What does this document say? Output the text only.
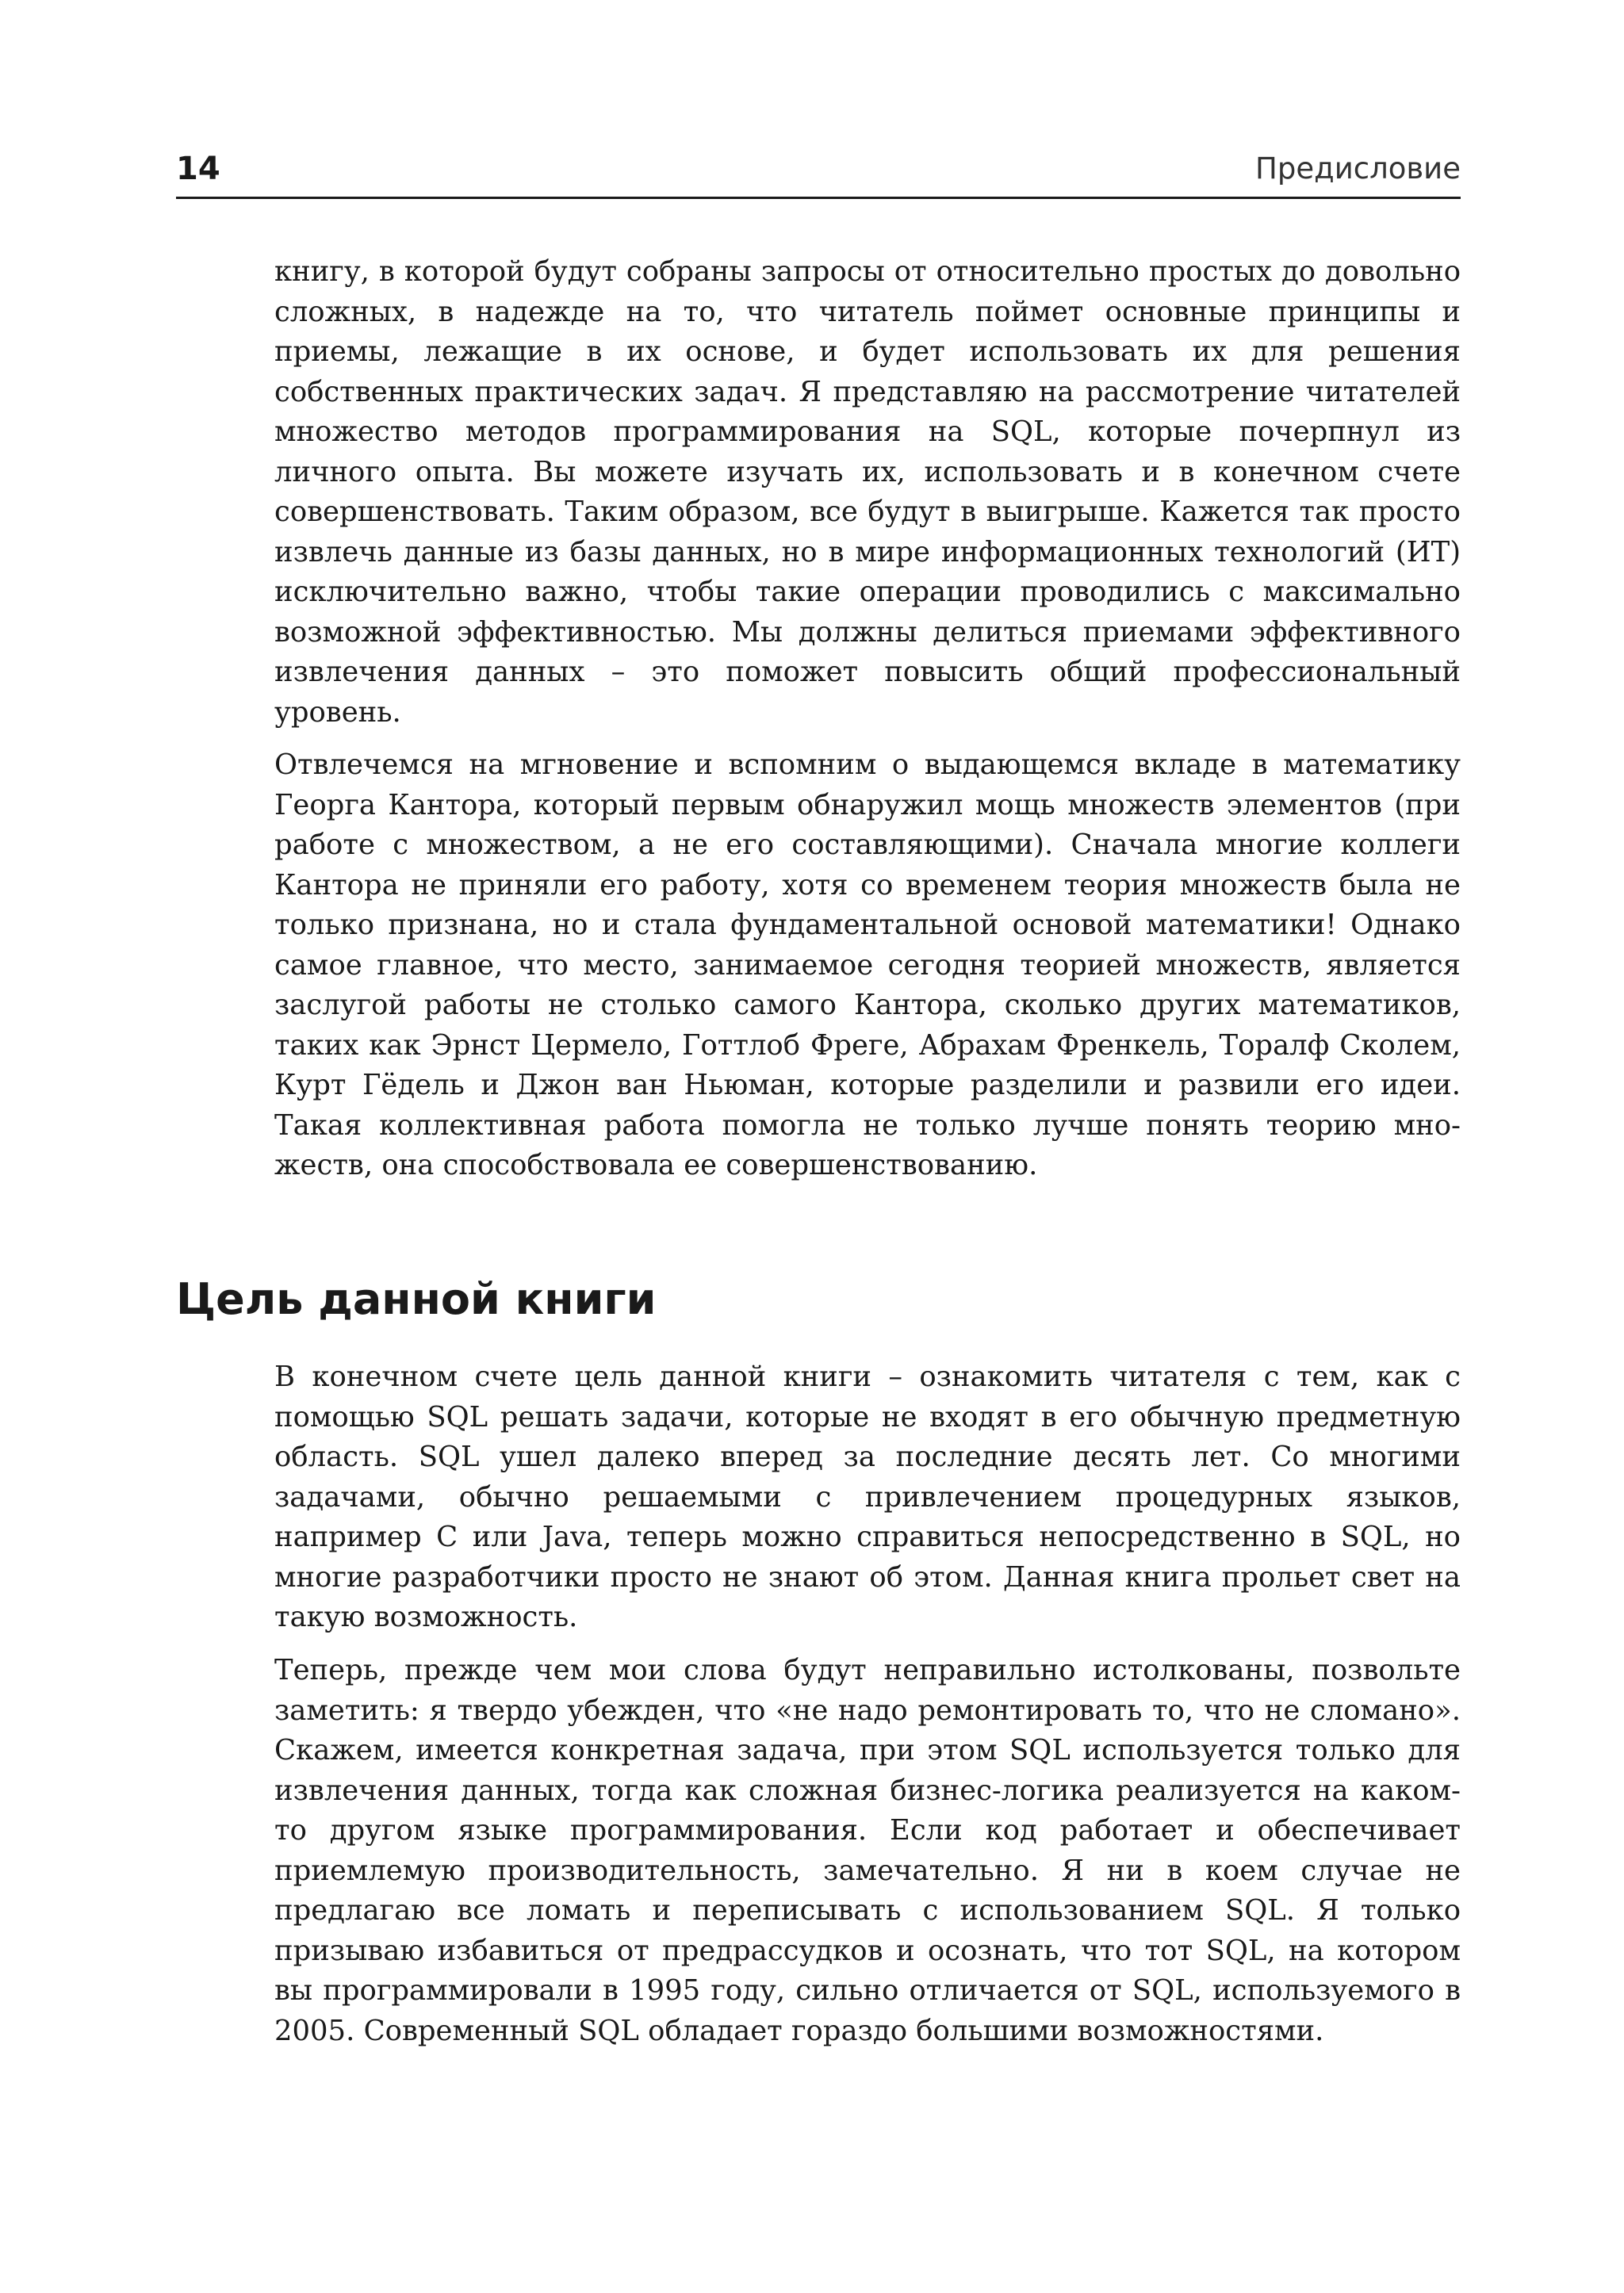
14	Предисловие

книгу, в которой будут собраны запросы от относительно простых до довольно сложных, в надежде на то, что читатель поймет основные принципы и приемы, лежащие в их основе, и будет использовать их для решения собственных практических задач. Я представляю на рассмотрение читателей множество методов программирования на SQL, которые почерпнул из личного опыта. Вы можете изучать их, использовать и в конечном счете совершенствовать. Таким образом, все будут в выигрыше. Кажется так просто извлечь данные из базы данных, но в мире информационных технологий (ИТ) исключительно важно, чтобы такие операции проводились с максимально возможной эффективностью. Мы должны делиться приемами эффективного извлечения данных – это поможет повысить общий профессиональный уровень.

Отвлечемся на мгновение и вспомним о выдающемся вкладе в математику Георга Кантора, который первым обнаружил мощь множеств элементов (при работе с множеством, а не его составляющими). Сначала многие коллеги Кантора не приняли его работу, хотя со временем теория множеств была не только признана, но и стала фундаментальной основой математики! Однако самое главное, что место, занимаемое сегодня теорией множеств, является заслугой работы не столько самого Кантора, сколько других математиков, таких как Эрнст Цермело, Готтлоб Фреге, Абрахам Френкель, Торалф Сколем, Курт Гёдель и Джон ван Ньюман, которые разделили и развили его идеи. Такая коллективная работа помогла не только лучше понять теорию множеств, она способствовала ее совершенствованию.

Цель данной книги

В конечном счете цель данной книги – ознакомить читателя с тем, как с помощью SQL решать задачи, которые не входят в его обычную предметную область. SQL ушел далеко вперед за последние десять лет. Со многими задачами, обычно решаемыми с привлечением процедурных языков, например C или Java, теперь можно справиться непосредственно в SQL, но многие разработчики просто не знают об этом. Данная книга прольет свет на такую возможность.

Теперь, прежде чем мои слова будут неправильно истолкованы, позвольте заметить: я твердо убежден, что «не надо ремонтировать то, что не сломано». Скажем, имеется конкретная задача, при этом SQL используется только для извлечения данных, тогда как сложная бизнес-логика реализуется на каком-то другом языке программирования. Если код работает и обеспечивает приемлемую производительность, замечательно. Я ни в коем случае не предлагаю все ломать и переписывать с использованием SQL. Я только призываю избавиться от предрассудков и осознать, что тот SQL, на котором вы программировали в 1995 году, сильно отличается от SQL, используемого в 2005. Современный SQL обладает гораздо большими возможностями.
